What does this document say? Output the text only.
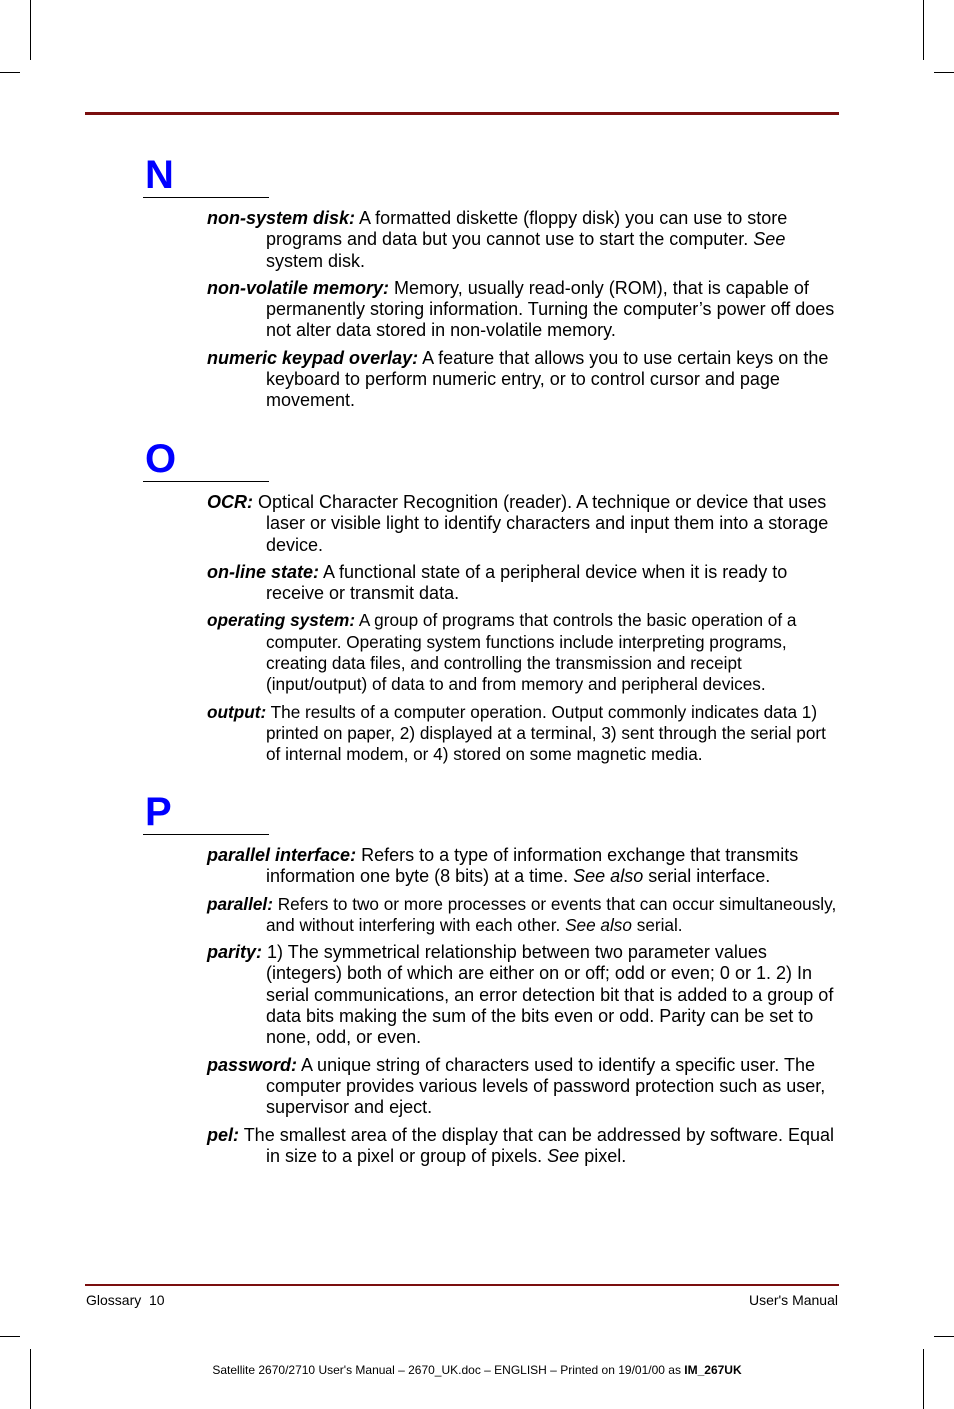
N
non-system disk: A formatted diskette (floppy disk) you can use to store programs and data but you cannot use to start the computer. See system disk.
non-volatile memory: Memory, usually read-only (ROM), that is capable of permanently storing information. Turning the computer’s power off does not alter data stored in non-volatile memory.
numeric keypad overlay: A feature that allows you to use certain keys on the keyboard to perform numeric entry, or to control cursor and page movement.
O
OCR: Optical Character Recognition (reader). A technique or device that uses laser or visible light to identify characters and input them into a storage device.
on-line state: A functional state of a peripheral device when it is ready to receive or transmit data.
operating system: A group of programs that controls the basic operation of a computer. Operating system functions include interpreting programs, creating data files, and controlling the transmission and receipt (input/output) of data to and from memory and peripheral devices.
output: The results of a computer operation. Output commonly indicates data 1) printed on paper, 2) displayed at a terminal, 3) sent through the serial port of internal modem, or 4) stored on some magnetic media.
P
parallel interface: Refers to a type of information exchange that transmits information one byte (8 bits) at a time. See also serial interface.
parallel: Refers to two or more processes or events that can occur simultaneously, and without interfering with each other. See also serial.
parity: 1) The symmetrical relationship between two parameter values (integers) both of which are either on or off; odd or even; 0 or 1. 2) In serial communications, an error detection bit that is added to a group of data bits making the sum of the bits even or odd. Parity can be set to none, odd, or even.
password: A unique string of characters used to identify a specific user. The computer provides various levels of password protection such as user, supervisor and eject.
pel: The smallest area of the display that can be addressed by software. Equal in size to a pixel or group of pixels. See pixel.
Glossary  10	User's Manual
Satellite 2670/2710 User's Manual – 2670_UK.doc – ENGLISH – Printed on 19/01/00 as IM_267UK
